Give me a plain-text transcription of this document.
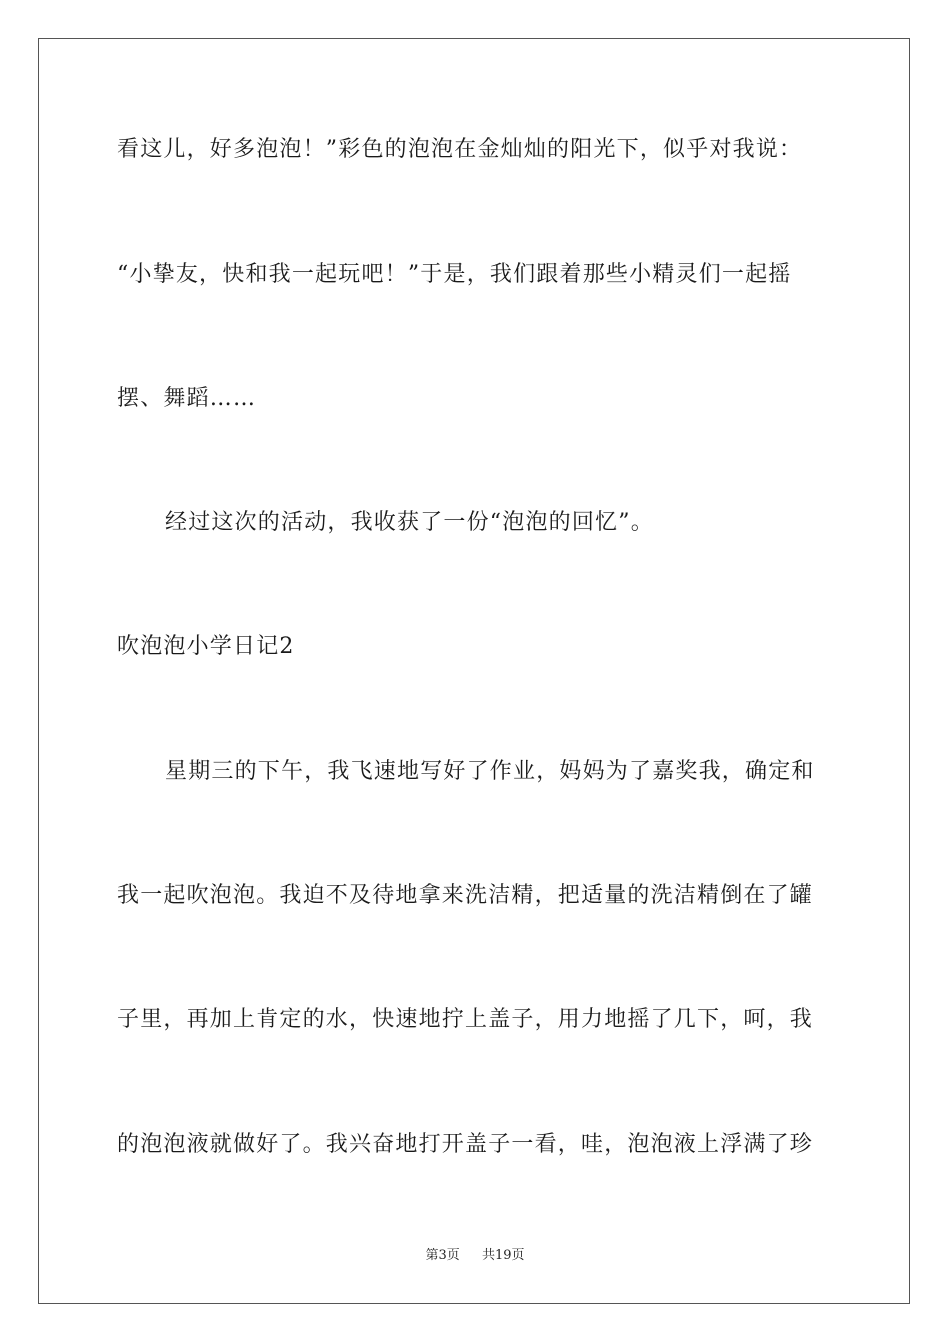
看这儿，好多泡泡！”彩色的泡泡在金灿灿的阳光下，似乎对我说：
“小挚友，快和我一起玩吧！”于是，我们跟着那些小精灵们一起摇
摆、舞蹈……
经过这次的活动，我收获了一份“泡泡的回忆”。
吹泡泡小学日记2
星期三的下午，我飞速地写好了作业，妈妈为了嘉奖我，确定和
我一起吹泡泡。我迫不及待地拿来洗洁精，把适量的洗洁精倒在了罐
子里，再加上肯定的水，快速地拧上盖子，用力地摇了几下，呵，我
的泡泡液就做好了。我兴奋地打开盖子一看，哇，泡泡液上浮满了珍
第3页 共19页
